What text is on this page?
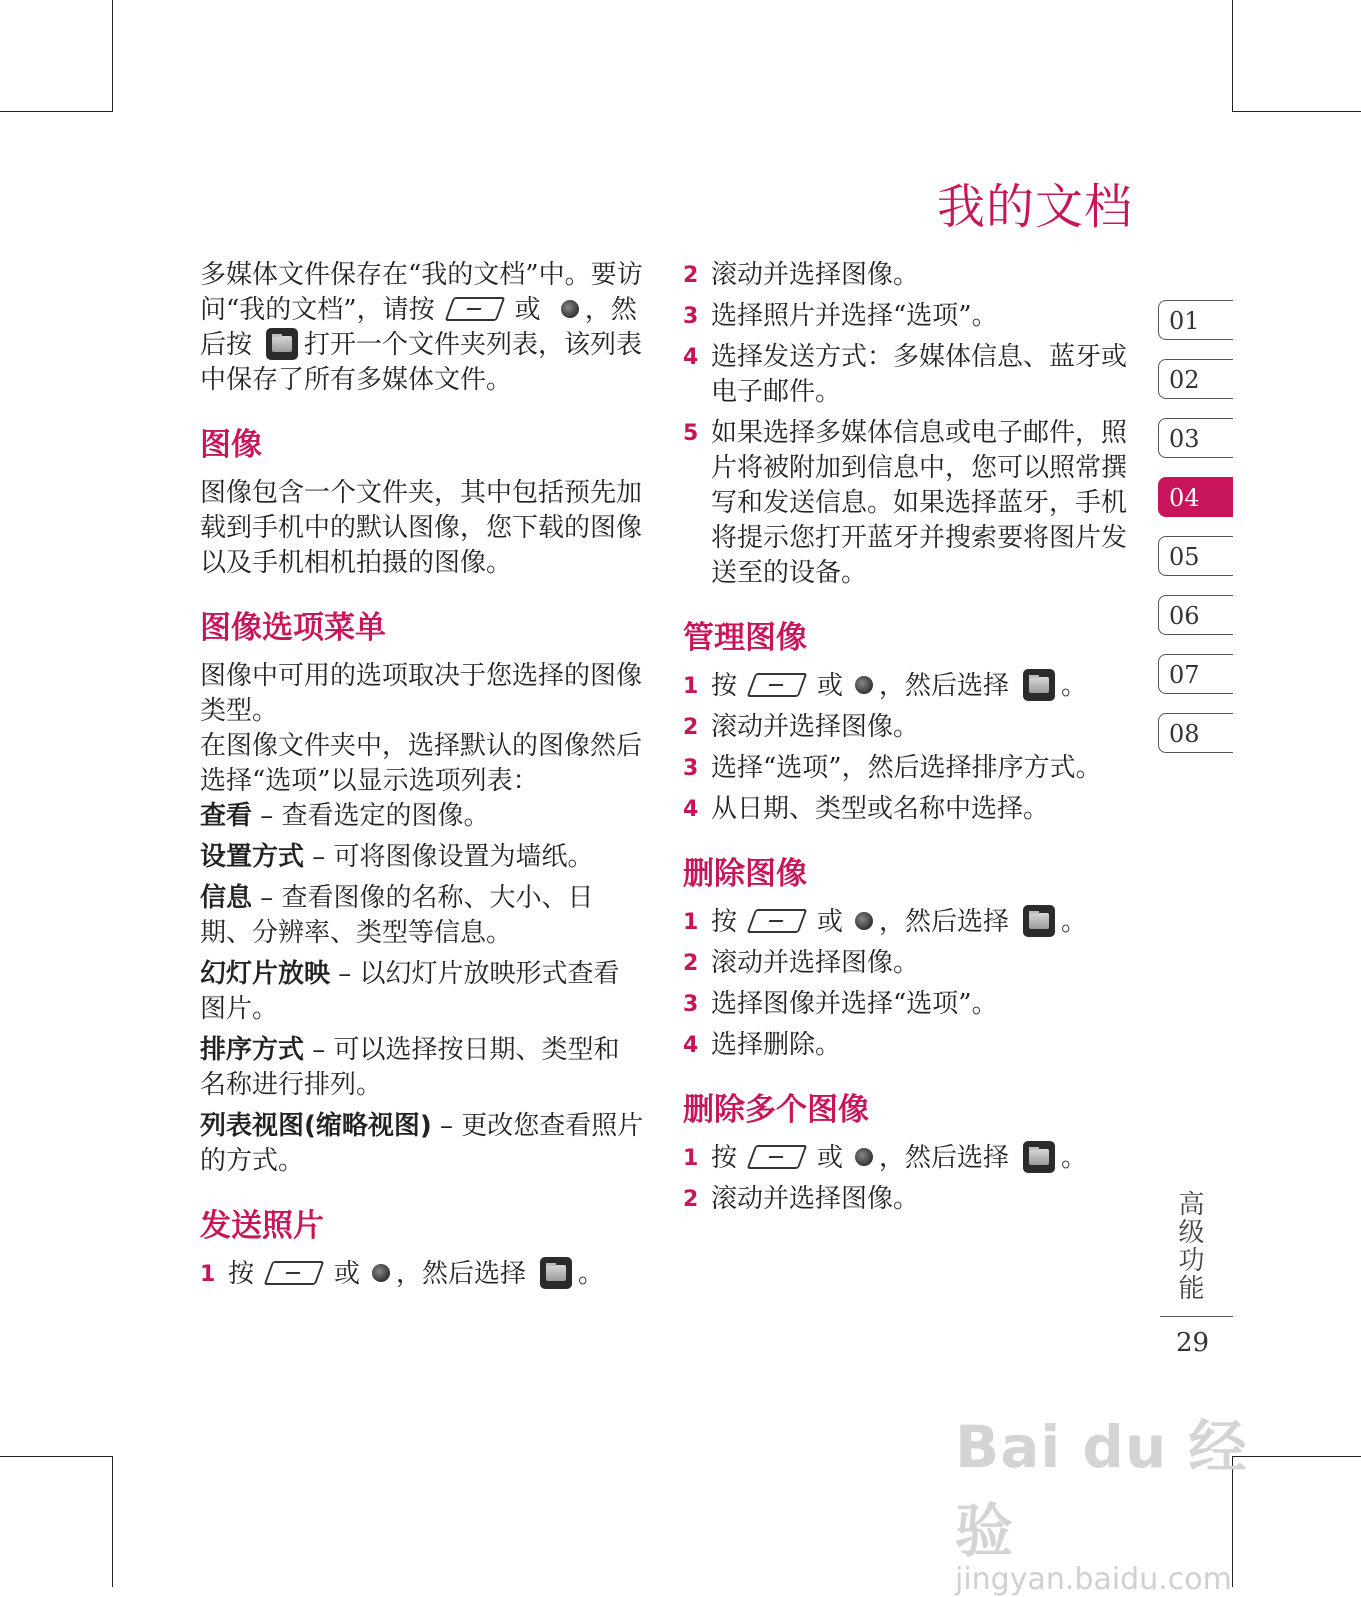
我的文档

多媒体文件保存在“我的文档”中。要访问“我的文档”，请按	或 ，然后按 打开一个文件夹列表，该列表中保存了所有多媒体文件。

图像

图像包含一个文件夹，其中包括预先加载到手机中的默认图像，您下载的图像以及手机相机拍摄的图像。

图像选项菜单

图像中可用的选项取决于您选择的图像类型。

在图像文件夹中，选择默认的图像然后选择“选项”以显示选项列表：

查看 – 查看选定的图像。

设置方式 – 可将图像设置为墙纸。

信息 – 查看图像的名称、大小、日期、分辨率、类型等信息。

幻灯片放映 – 以幻灯片放映形式查看图片。

排序方式 – 可以选择按日期、类型和名称进行排列。

列表视图(缩略视图) – 更改您查看照片的方式。

发送照片
1 按	或 ，然后选择 。
2 滚动并选择图像。
3 选择照片并选择“选项”。
4 选择发送方式：多媒体信息、蓝牙或电子邮件。
5 如果选择多媒体信息或电子邮件，照片将被附加到信息中，您可以照常撰写和发送信息。如果选择蓝牙，手机将提示您打开蓝牙并搜索要将图片发送至的设备。
管理图像
1 按	或 ，然后选择 。
2 滚动并选择图像。
3 选择“选项”，然后选择排序方式。
4 从日期、类型或名称中选择。
删除图像
1 按	或 ，然后选择 。
2 滚动并选择图像。
3 选择图像并选择“选项”。
4 选择删除。
删除多个图像
1 按	或 ，然后选择 。
2 滚动并选择图像。
01
02
03
04
05
06
07
08
高级功能
29
Bai du 经验
jingyan.baidu.com
